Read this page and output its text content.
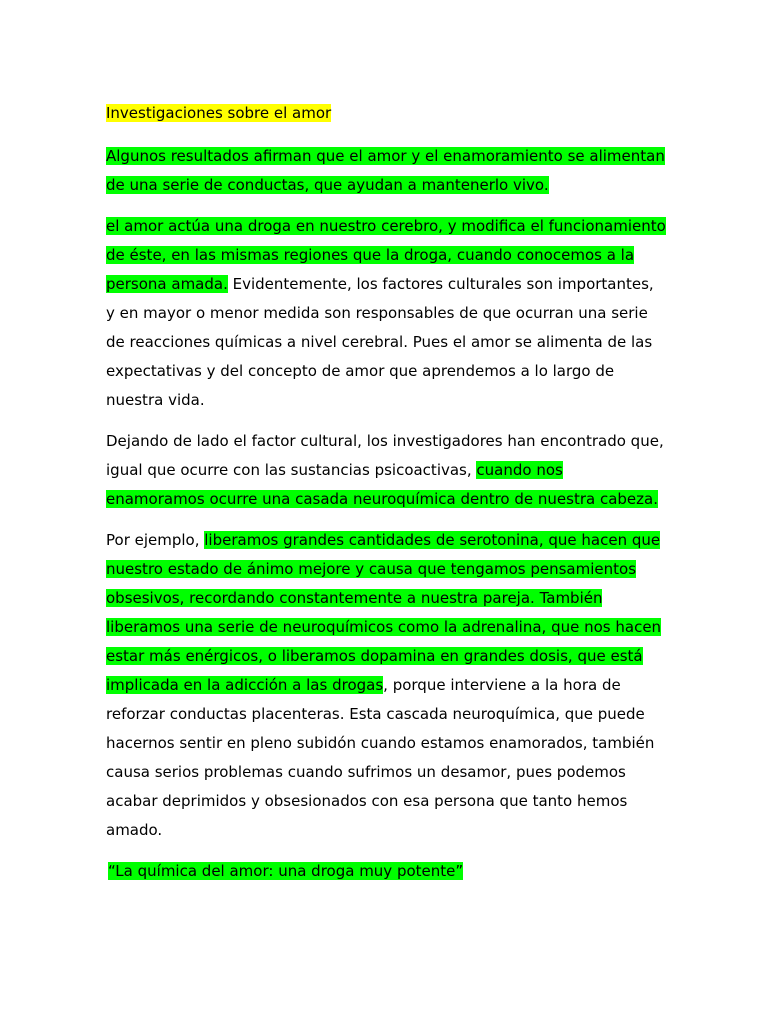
Investigaciones sobre el amor
Algunos resultados afirman que el amor y el enamoramiento se alimentan de una serie de conductas, que ayudan a mantenerlo vivo.
el amor actúa una droga en nuestro cerebro, y modifica el funcionamiento de éste, en las mismas regiones que la droga, cuando conocemos a la persona amada. Evidentemente, los factores culturales son importantes, y en mayor o menor medida son responsables de que ocurran una serie de reacciones químicas a nivel cerebral. Pues el amor se alimenta de las expectativas y del concepto de amor que aprendemos a lo largo de nuestra vida.
Dejando de lado el factor cultural, los investigadores han encontrado que, igual que ocurre con las sustancias psicoactivas, cuando nos enamoramos ocurre una casada neuroquímica dentro de nuestra cabeza.
Por ejemplo, liberamos grandes cantidades de serotonina, que hacen que nuestro estado de ánimo mejore y causa que tengamos pensamientos obsesivos, recordando constantemente a nuestra pareja. También liberamos una serie de neuroquímicos como la adrenalina, que nos hacen estar más enérgicos, o liberamos dopamina en grandes dosis, que está implicada en la adicción a las drogas, porque interviene a la hora de reforzar conductas placenteras. Esta cascada neuroquímica, que puede hacernos sentir en pleno subidón cuando estamos enamorados, también causa serios problemas cuando sufrimos un desamor, pues podemos acabar deprimidos y obsesionados con esa persona que tanto hemos amado.
“La química del amor: una droga muy potente”
